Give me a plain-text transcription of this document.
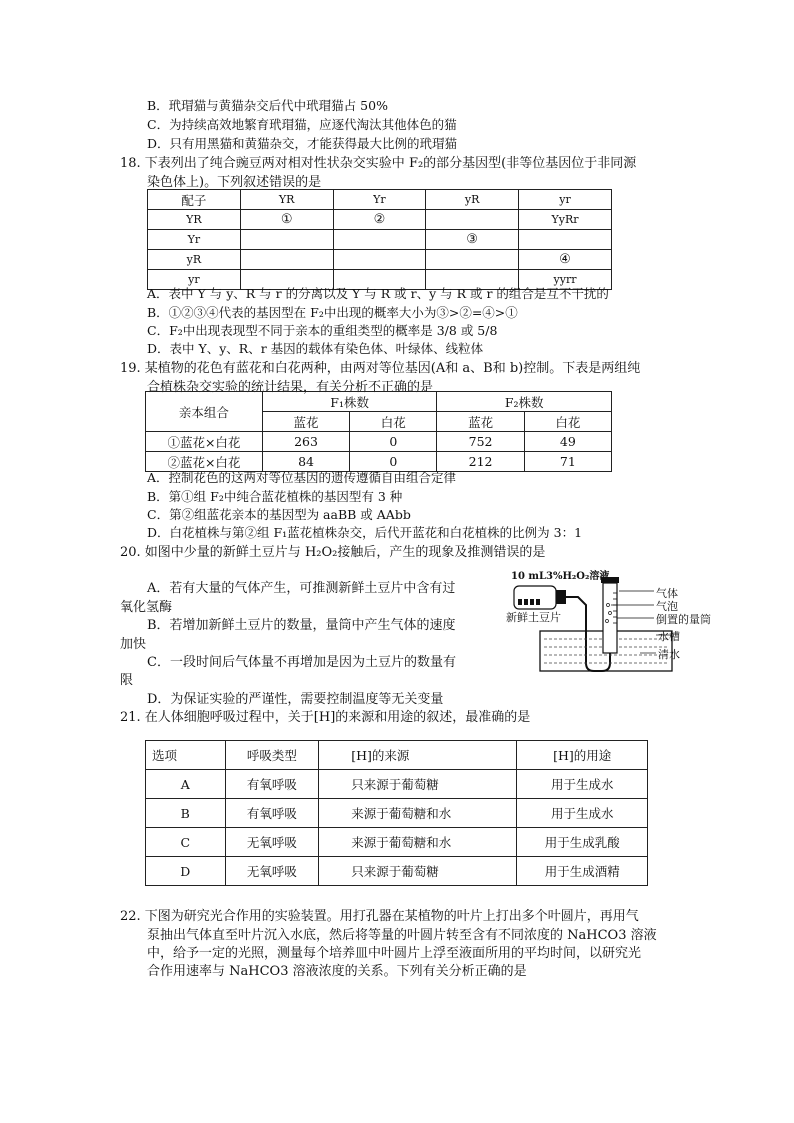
B．玳瑁猫与黄猫杂交后代中玳瑁猫占 50%
C．为持续高效地繁育玳瑁猫，应逐代淘汰其他体色的猫
D．只有用黑猫和黄猫杂交，才能获得最大比例的玳瑁猫
18. 下表列出了纯合豌豆两对相对性状杂交实验中 F₂的部分基因型(非等位基因位于非同源
染色体上)。下列叙述错误的是
配子	YR	Yr	yR	yr
YR	①	②		YyRr
Yr			③	
yR				④
yr				yyrr
A．表中 Y 与 y、R 与 r 的分离以及 Y 与 R 或 r、y 与 R 或 r 的组合是互不干扰的
B．①②③④代表的基因型在 F₂中出现的概率大小为③>②=④>①
C．F₂中出现表现型不同于亲本的重组类型的概率是 3/8 或 5/8
D．表中 Y、y、R、r 基因的载体有染色体、叶绿体、线粒体
19. 某植物的花色有蓝花和白花两种，由两对等位基因(A和 a、B和 b)控制。下表是两组纯
合植株杂交实验的统计结果，有关分析不正确的是
亲本组合	F₁株数		F₂株数	
	蓝花	白花	蓝花	白花
①蓝花×白花	263	0	752	49
②蓝花×白花	84	0	212	71
A．控制花色的这两对等位基因的遗传遵循自由组合定律
B．第①组 F₂中纯合蓝花植株的基因型有 3 种
C．第②组蓝花亲本的基因型为 aaBB 或 AAbb
D．白花植株与第②组 F₁蓝花植株杂交，后代开蓝花和白花植株的比例为 3：1
20. 如图中少量的新鲜土豆片与 H₂O₂接触后，产生的现象及推测错误的是
A．若有大量的气体产生，可推测新鲜土豆片中含有过
氧化氢酶
B．若增加新鲜土豆片的数量，量筒中产生气体的速度
加快
C．一段时间后气体量不再增加是因为土豆片的数量有
限
D．为保证实验的严谨性，需要控制温度等无关变量
10 mL3%H₂O₂溶液
新鲜土豆片
气体
气泡
倒置的量筒
水槽
清水
21. 在人体细胞呼吸过程中，关于[H]的来源和用途的叙述，最准确的是
选项	呼吸类型	[H]的来源	[H]的用途
A	有氧呼吸	只来源于葡萄糖	用于生成水
B	有氧呼吸	来源于葡萄糖和水	用于生成水
C	无氧呼吸	来源于葡萄糖和水	用于生成乳酸
D	无氧呼吸	只来源于葡萄糖	用于生成酒精
22. 下图为研究光合作用的实验装置。用打孔器在某植物的叶片上打出多个叶圆片，再用气
泵抽出气体直至叶片沉入水底，然后将等量的叶圆片转至含有不同浓度的 NaHCO3 溶液
中，给予一定的光照，测量每个培养皿中叶圆片上浮至液面所用的平均时间，以研究光
合作用速率与 NaHCO3 溶液浓度的关系。下列有关分析正确的是
